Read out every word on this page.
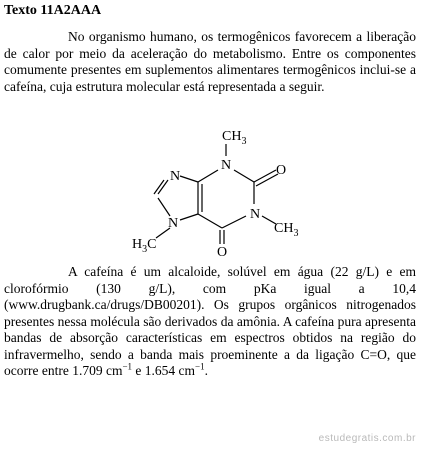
Texto 11A2AAA

No organismo humano, os termogênicos favorecem a liberação de calor por meio da aceleração do metabolismo. Entre os componentes comumente presentes em suplementos alimentares termogênicos inclui-se a cafeína, cuja estrutura molecular está representada a seguir.

$CH_3$
N	O
N
$CH_3$
O
N
N
$H_3C$

A cafeína é um alcaloide, solúvel em água (22 g/L) e em clorofórmio (130 g/L), com pKa igual a 10,4 (www.drugbank.ca/drugs/DB00201). Os grupos orgânicos nitrogenados presentes nessa molécula são derivados da amônia. A cafeína pura apresenta bandas de absorção características em espectros obtidos na região do infravermelho, sendo a banda mais proeminente a da ligação C=O, que ocorre entre 1.709 $cm^{-1}$ e 1.654 $cm^{-1}$.

estudegratis.com.br
